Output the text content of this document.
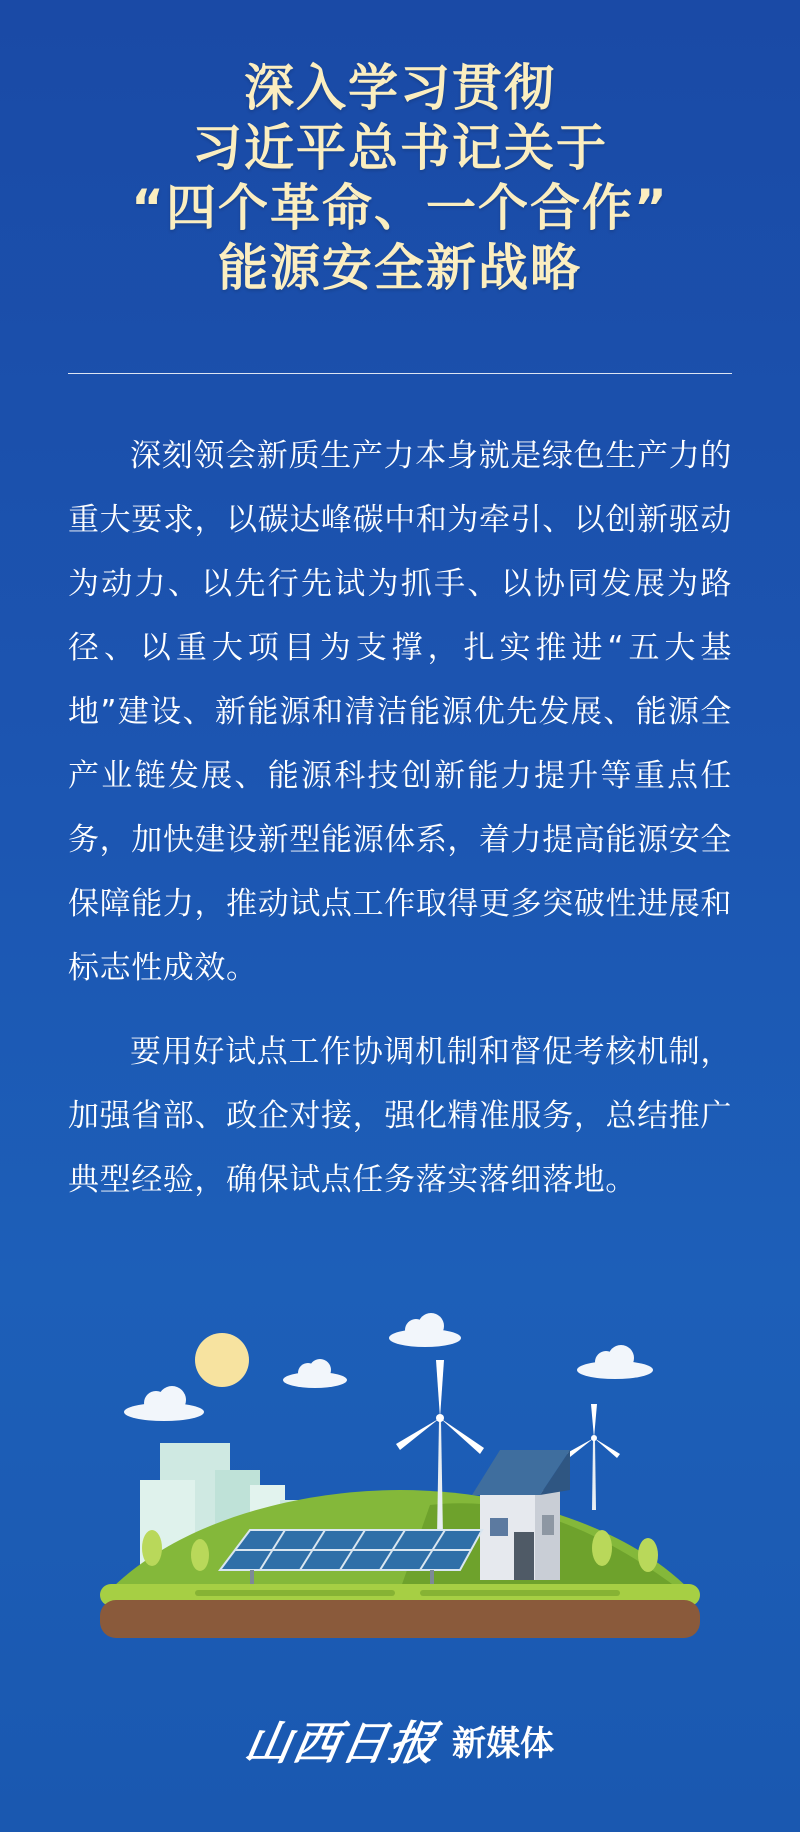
深入学习贯彻
习近平总书记关于
“四个革命、一个合作”
能源安全新战略

深刻领会新质生产力本身就是绿色生产力的重大要求，以碳达峰碳中和为牵引、以创新驱动为动力、以先行先试为抓手、以协同发展为路径、以重大项目为支撑，扎实推进“五大基地”建设、新能源和清洁能源优先发展、能源全产业链发展、能源科技创新能力提升等重点任务，加快建设新型能源体系，着力提高能源安全保障能力，推动试点工作取得更多突破性进展和标志性成效。

要用好试点工作协调机制和督促考核机制，加强省部、政企对接，强化精准服务，总结推广典型经验，确保试点任务落实落细落地。

山西日报 新媒体
